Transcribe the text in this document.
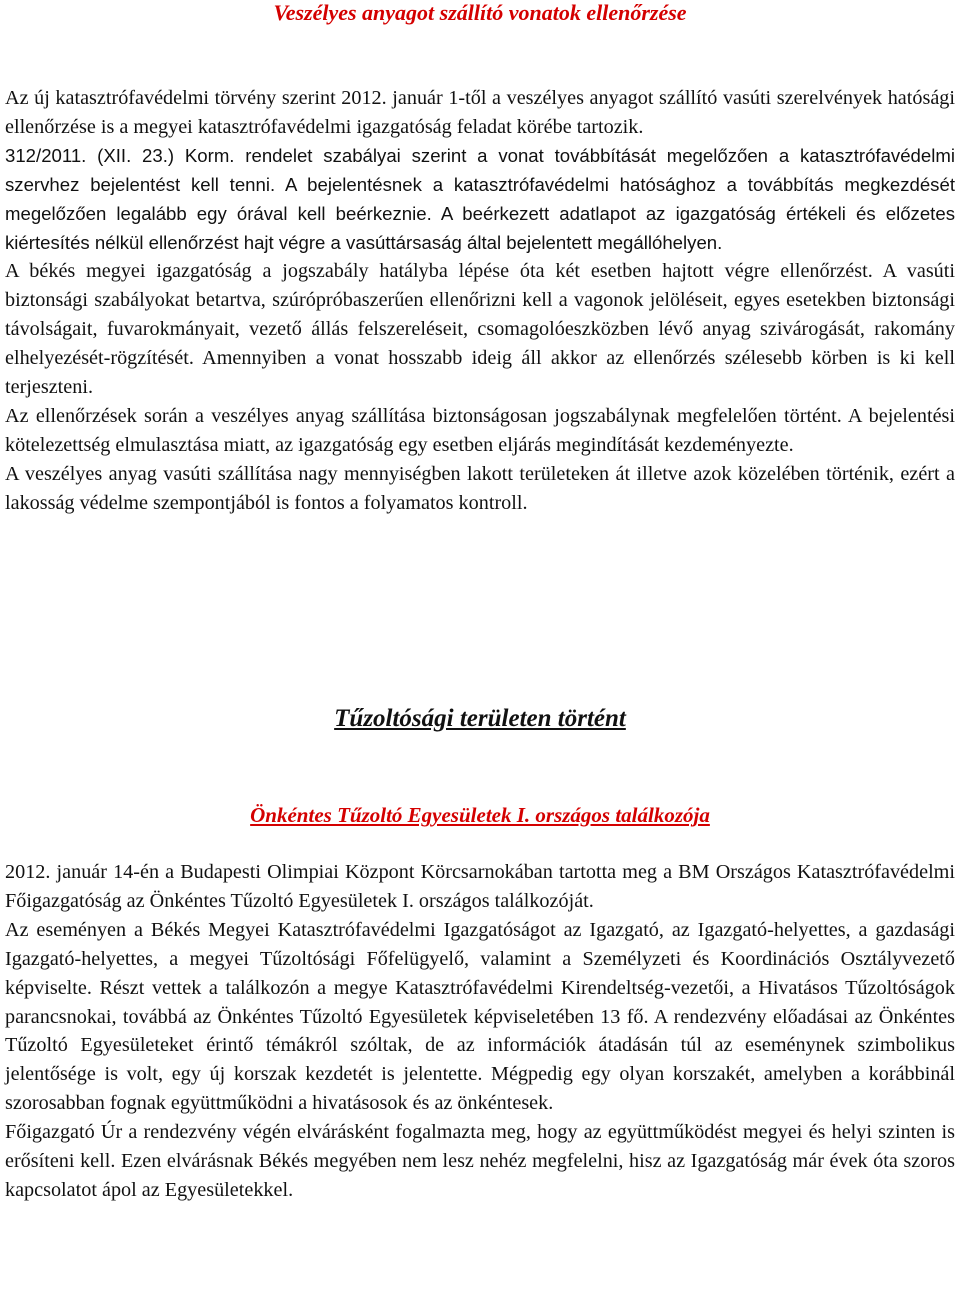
Veszélyes anyagot szállító vonatok ellenőrzése

Az új katasztrófavédelmi törvény szerint 2012. január 1-től a veszélyes anyagot szállító vasúti szerelvények hatósági ellenőrzése is a megyei katasztrófavédelmi igazgatóság feladat körébe tartozik.

312/2011. (XII. 23.) Korm. rendelet szabályai szerint a vonat továbbítását megelőzően a katasztrófavédelmi szervhez bejelentést kell tenni. A bejelentésnek a katasztrófavédelmi hatósághoz a továbbítás megkezdését megelőzően legalább egy órával kell beérkeznie. A beérkezett adatlapot az igazgatóság értékeli és előzetes kiértesítés nélkül ellenőrzést hajt végre a vasúttársaság által bejelentett megállóhelyen.

A békés megyei igazgatóság a jogszabály hatályba lépése óta két esetben hajtott végre ellenőrzést. A vasúti biztonsági szabályokat betartva, szúrópróbaszerűen ellenőrizni kell a vagonok jelöléseit, egyes esetekben biztonsági távolságait, fuvarokmányait, vezető állás felszereléseit, csomagolóeszközben lévő anyag szivárogását, rakomány elhelyezését-rögzítését. Amennyiben a vonat hosszabb ideig áll akkor az ellenőrzés szélesebb körben is ki kell terjeszteni.

Az ellenőrzések során a veszélyes anyag szállítása biztonságosan jogszabálynak megfelelően történt. A bejelentési kötelezettség elmulasztása miatt, az igazgatóság egy esetben eljárás megindítását kezdeményezte.

A veszélyes anyag vasúti szállítása nagy mennyiségben lakott területeken át illetve azok közelében történik, ezért a lakosság védelme szempontjából is fontos a folyamatos kontroll.

Tűzoltósági területen történt
Önkéntes Tűzoltó Egyesületek I. országos találkozója

2012. január 14-én a Budapesti Olimpiai Központ Körcsarnokában tartotta meg a BM Országos Katasztrófavédelmi Főigazgatóság az Önkéntes Tűzoltó Egyesületek I. országos találkozóját.

Az eseményen a Békés Megyei Katasztrófavédelmi Igazgatóságot az Igazgató, az Igazgató-helyettes, a gazdasági Igazgató-helyettes, a megyei Tűzoltósági Főfelügyelő, valamint a Személyzeti és Koordinációs Osztályvezető képviselte. Részt vettek a találkozón a megye Katasztrófavédelmi Kirendeltség-vezetői, a Hivatásos Tűzoltóságok parancsnokai, továbbá az Önkéntes Tűzoltó Egyesületek képviseletében 13 fő. A rendezvény előadásai az Önkéntes Tűzoltó Egyesületeket érintő témákról szóltak, de az információk átadásán túl az eseménynek szimbolikus jelentősége is volt, egy új korszak kezdetét is jelentette. Mégpedig egy olyan korszakét, amelyben a korábbinál szorosabban fognak együttműködni a hivatásosok és az önkéntesek.

Főigazgató Úr a rendezvény végén elvárásként fogalmazta meg, hogy az együttműködést megyei és helyi szinten is erősíteni kell. Ezen elvárásnak Békés megyében nem lesz nehéz megfelelni, hisz az Igazgatóság már évek óta szoros kapcsolatot ápol az Egyesületekkel.
